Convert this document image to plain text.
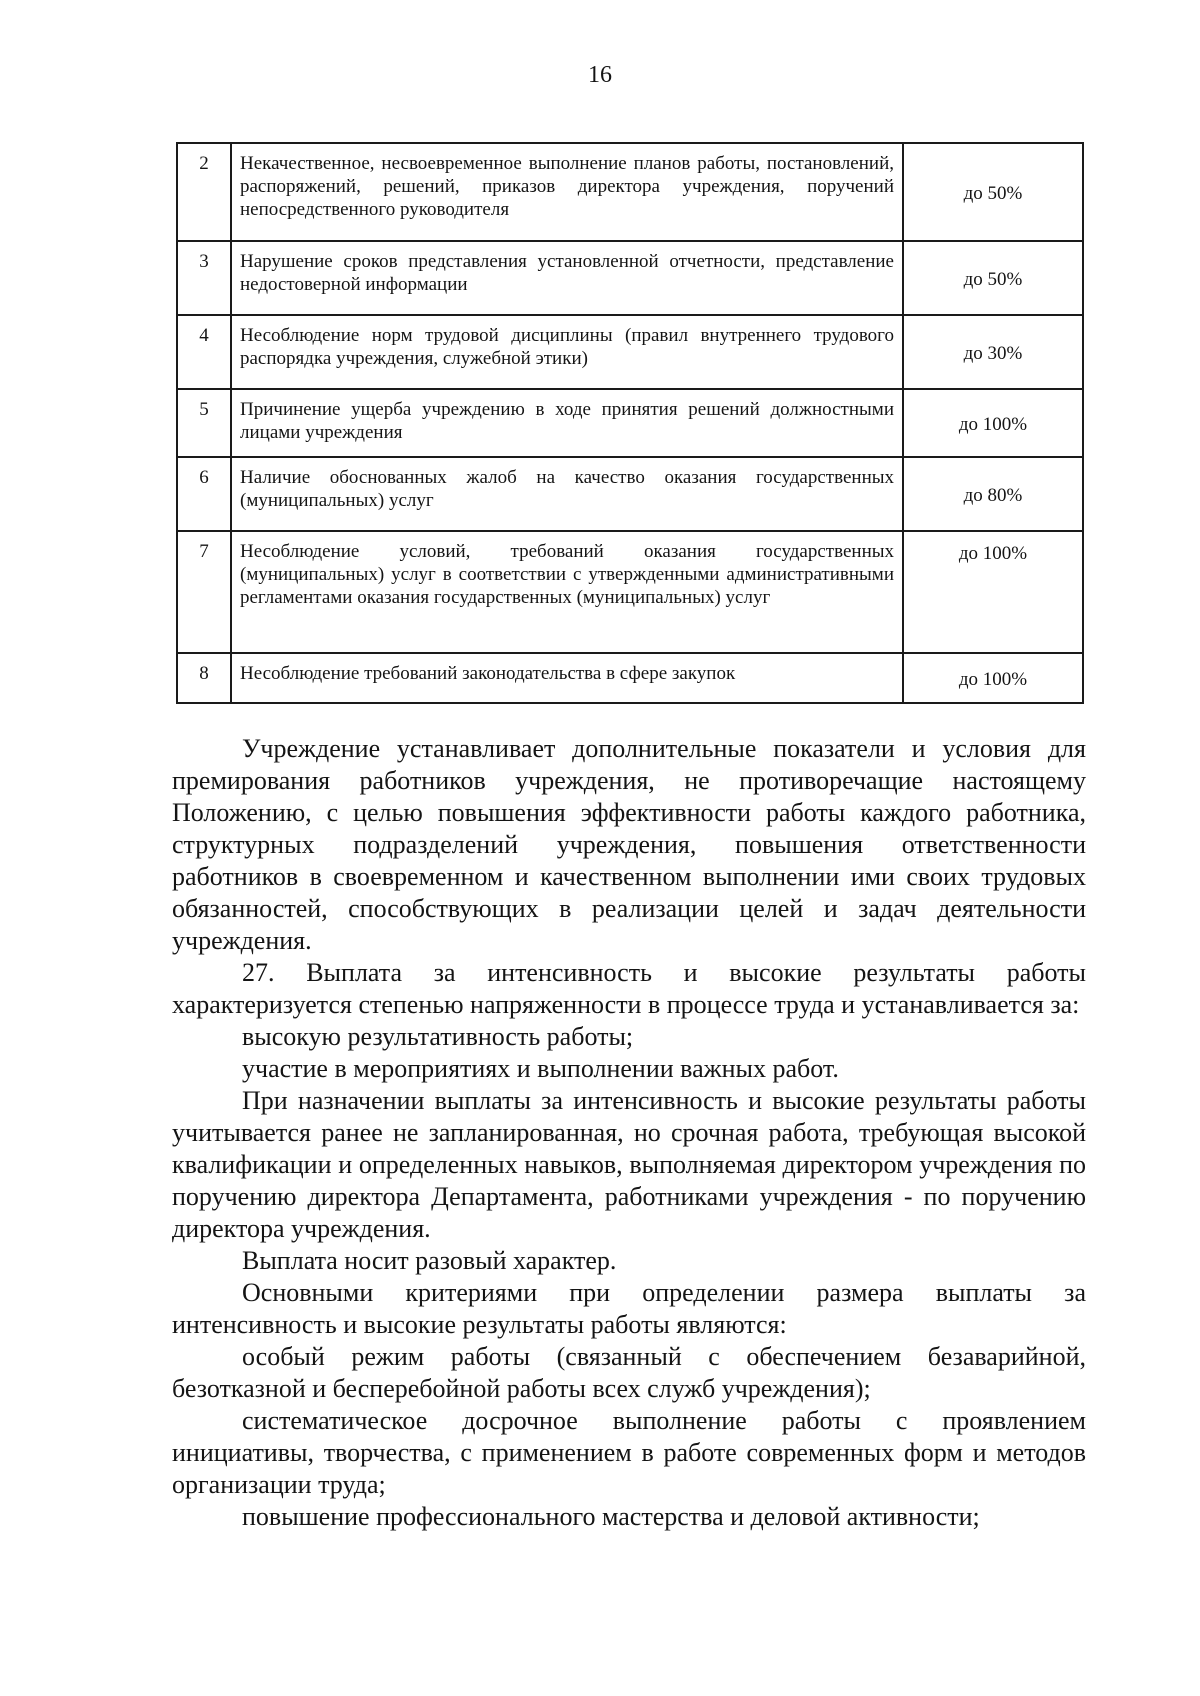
16
2	Некачественное, несвоевременное выполнение планов работы, постановлений, распоряжений, решений, приказов директора учреждения, поручений непосредственного руководителя	до 50%
3	Нарушение сроков представления установленной отчетности, представление недостоверной информации	до 50%
4	Несоблюдение норм трудовой дисциплины (правил внутреннего трудового распорядка учреждения, служебной этики)	до 30%
5	Причинение ущерба учреждению в ходе принятия решений должностными лицами учреждения	до 100%
6	Наличие обоснованных жалоб на качество оказания государственных (муниципальных) услуг	до 80%
7	Несоблюдение условий, требований оказания государственных (муниципальных) услуг в соответствии с утвержденными административными регламентами оказания государственных (муниципальных) услуг	до 100%
8	Несоблюдение требований законодательства в сфере закупок	до 100%

Учреждение устанавливает дополнительные показатели и условия для премирования работников учреждения, не противоречащие настоящему Положению, с целью повышения эффективности работы каждого работника, структурных подразделений учреждения, повышения ответственности работников в своевременном и качественном выполнении ими своих трудовых обязанностей, способствующих в реализации целей и задач деятельности учреждения.

27. Выплата за интенсивность и высокие результаты работы характеризуется степенью напряженности в процессе труда и устанавливается за:

высокую результативность работы;

участие в мероприятиях и выполнении важных работ.

При назначении выплаты за интенсивность и высокие результаты работы учитывается ранее не запланированная, но срочная работа, требующая высокой квалификации и определенных навыков, выполняемая директором учреждения по поручению директора Департамента, работниками учреждения - по поручению директора учреждения.

Выплата носит разовый характер.

Основными критериями при определении размера выплаты за интенсивность и высокие результаты работы являются:

особый режим работы (связанный с обеспечением безаварийной, безотказной и бесперебойной работы всех служб учреждения);

систематическое досрочное выполнение работы с проявлением инициативы, творчества, с применением в работе современных форм и методов организации труда;

повышение профессионального мастерства и деловой активности;
